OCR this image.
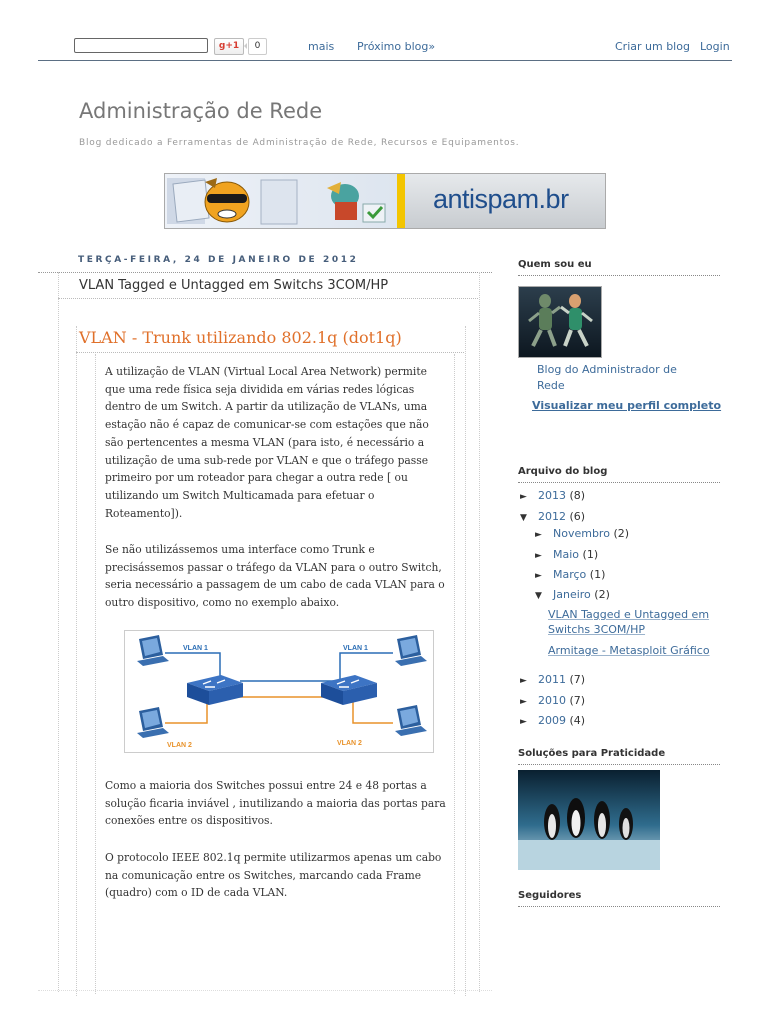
g+1	0	mais Próximo blog»	Criar um blog Login
Administração de Rede
Blog dedicado a Ferramentas de Administração de Rede, Recursos e Equipamentos.
antispam.br
TERÇA-FEIRA, 24 DE JANEIRO DE 2012
VLAN Tagged e Untagged em Switchs 3COM/HP
VLAN - Trunk utilizando 802.1q (dot1q)
A utilização de VLAN (Virtual Local Area Network) permite que uma rede física seja dividida em várias redes lógicas dentro de um Switch. A partir da utilização de VLANs, uma estação não é capaz de comunicar-se com estações que não são pertencentes a mesma VLAN (para isto, é necessário a utilização de uma sub-rede por VLAN e que o tráfego passe primeiro por um roteador para chegar a outra rede [ ou utilizando um Switch Multicamada para efetuar o Roteamento]).
Se não utilizássemos uma interface como Trunk e precisássemos passar o tráfego da VLAN para o outro Switch, seria necessário a passagem de um cabo de cada VLAN para o outro dispositivo, como no exemplo abaixo.
Como a maioria dos Switches possui entre 24 e 48 portas a solução ficaria inviável , inutilizando a maioria das portas para conexões entre os dispositivos.
O protocolo IEEE 802.1q permite utilizarmos apenas um cabo na comunicação entre os Switches, marcando cada Frame (quadro) com o ID de cada VLAN.
VLAN 1	VLAN 1
VLAN 2	VLAN 2
Quem sou eu
Blog do Administrador de Rede
Visualizar meu perfil completo
Arquivo do blog
► 2013 (8)
▼ 2012 (6)
► Novembro (2)
► Maio (1)
► Março (1)
▼ Janeiro (2)
VLAN Tagged e Untagged em Switchs 3COM/HP
Armitage - Metasploit Gráfico
► 2011 (7)
► 2010 (7)
► 2009 (4)
Soluções para Praticidade
Seguidores
